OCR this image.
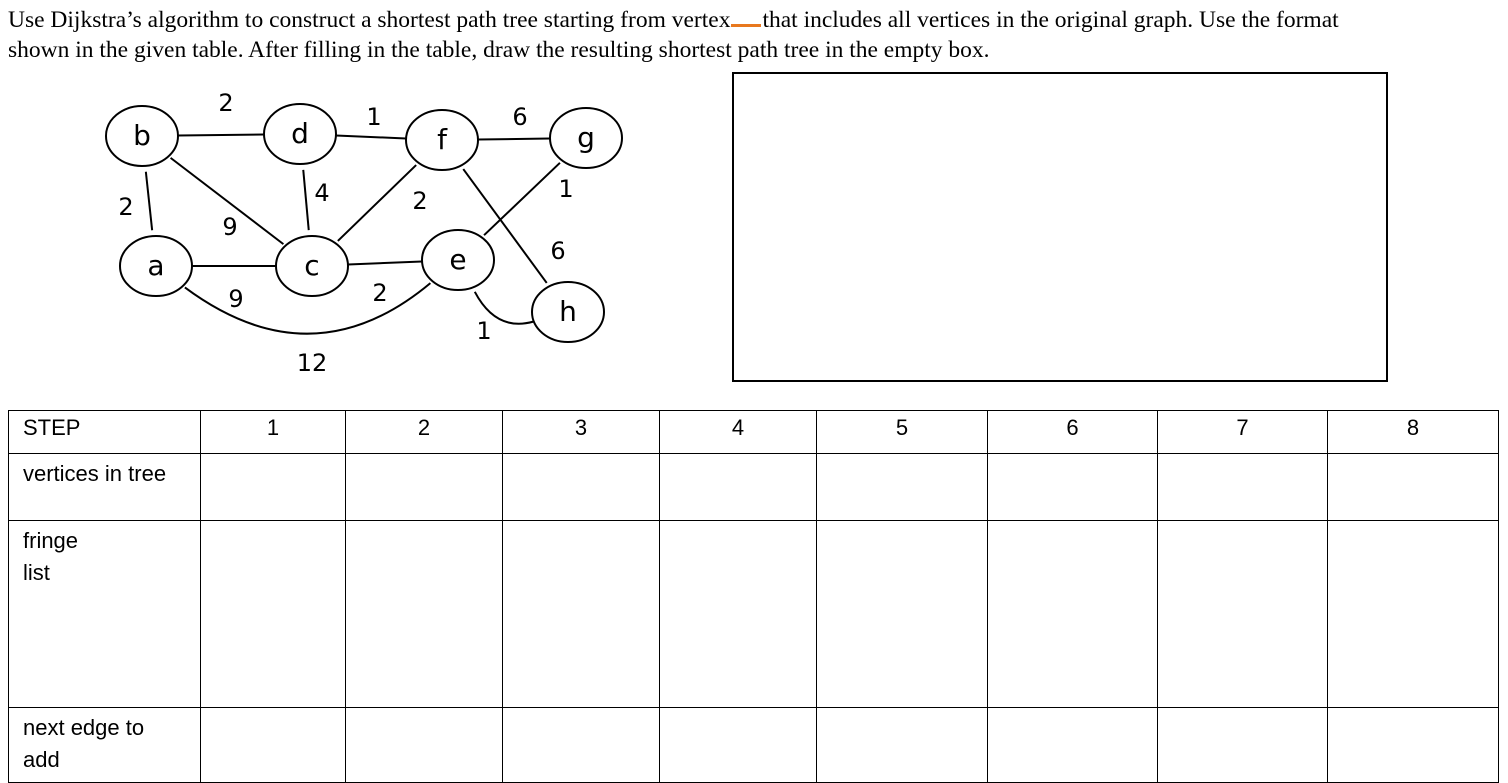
Use Dijkstra’s algorithm to construct a shortest path tree starting from vertex that includes all vertices in the original graph. Use the format
shown in the given table. After filling in the table, draw the resulting shortest path tree in the empty box.
2	1	6
2
9
4	2	1
6
9	2
1
12
a
b
c
d
e
f	g
h
STEP	1	2	3	4	5	6	7	8
vertices in tree								

fringe
list								

next edge to
add								
